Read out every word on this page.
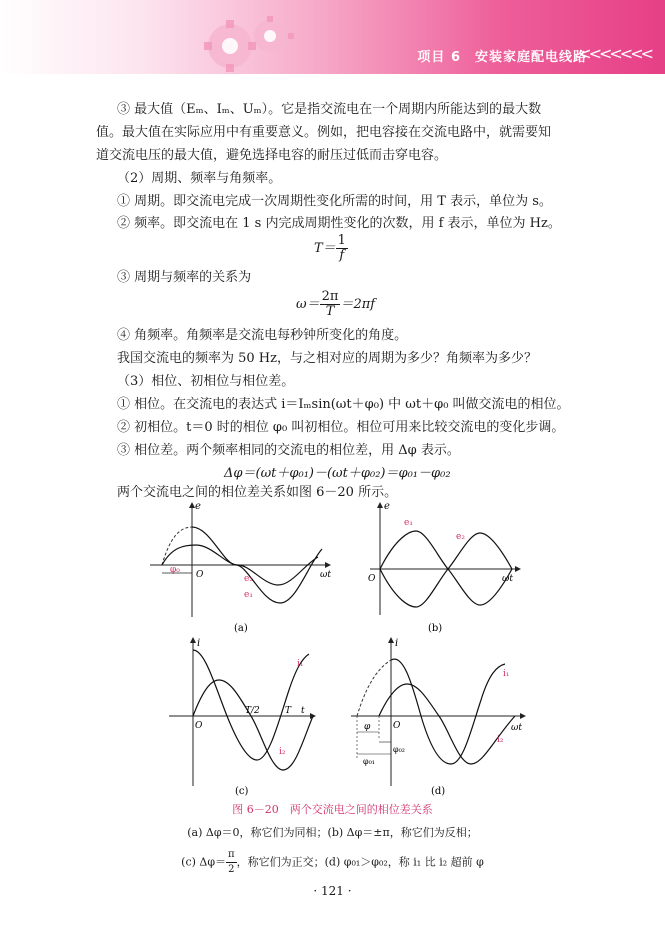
项目 6　安装家庭配电线路
<<<<<<<
③ 最大值（Eₘ、Iₘ、Uₘ）。它是指交流电在一个周期内所能达到的最大数
值。最大值在实际应用中有重要意义。例如，把电容接在交流电路中，就需要知
道交流电压的最大值，避免选择电容的耐压过低而击穿电容。
（2）周期、频率与角频率。
① 周期。即交流电完成一次周期性变化所需的时间，用 T 表示，单位为 s。
② 频率。即交流电在 1 s 内完成周期性变化的次数，用 f 表示，单位为 Hz。
$T= \frac{1}{f}$
③ 周期与频率的关系为
$\omega= \frac{2\pi}{T} =2\pi f$
④ 角频率。角频率是交流电每秒钟所变化的角度。
我国交流电的频率为 50 Hz，与之相对应的周期为多少？角频率为多少？
（3）相位、初相位与相位差。
① 相位。在交流电的表达式 i＝Iₘsin(ωt＋φ₀) 中 ωt＋φ₀ 叫做交流电的相位。
② 初相位。t＝0 时的相位 φ₀ 叫初相位。相位可用来比较交流电的变化步调。
③ 相位差。两个频率相同的交流电的相位差，用 Δφ 表示。
Δφ＝(ωt＋φ₀₁)－(ωt＋φ₀₂)＝φ₀₁－φ₀₂
两个交流电之间的相位差关系如图 6－20 所示。
e
ωt
O
φ₀
e₂
e₁
(a)
e
ωt
O
e₁
e₂
(b)
i
t
O
T/2	T
i₁
i₂
(c)
i
ωt
O
φ
φ₀₁
φ₀₂
i₁
i₂
(d)
图 6－20　两个交流电之间的相位差关系
(a) Δφ＝0，称它们为同相；(b) Δφ＝±π，称它们为反相；
(c) $\Delta\varphi= \frac{\pi}{2}$ ，称它们为正交；(d) φ₀₁＞φ₀₂，称 i₁ 比 i₂ 超前 φ
· 121 ·
